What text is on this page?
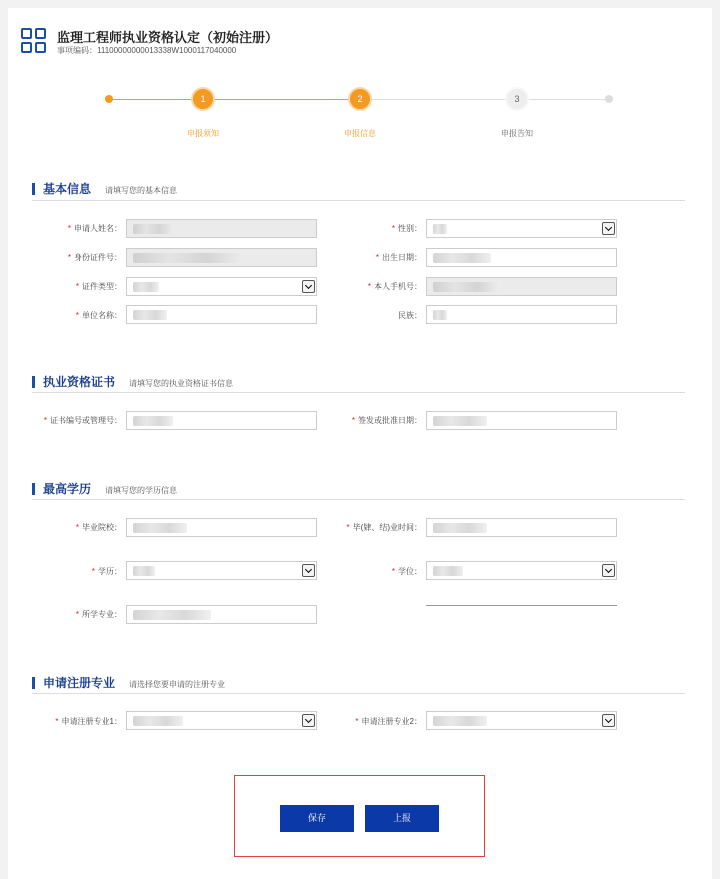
监理工程师执业资格认定（初始注册）
事项编码：11100000000013338W1000117040000
1
申报须知
2
申报信息
3
申报告知
基本信息 请填写您的基本信息
* 申请人姓名：	* 性别：
* 身份证件号：	* 出生日期：
* 证件类型：	* 本人手机号：
* 单位名称：	民族：
执业资格证书 请填写您的执业资格证书信息
* 证书编号或管理号：	* 签发或批准日期：
最高学历 请填写您的学历信息
* 毕业院校：	* 毕(肄、结)业时间：
* 学历：	* 学位：
* 所学专业：
申请注册专业 请选择您要申请的注册专业
* 申请注册专业1：	* 申请注册专业2：
保存	上报
